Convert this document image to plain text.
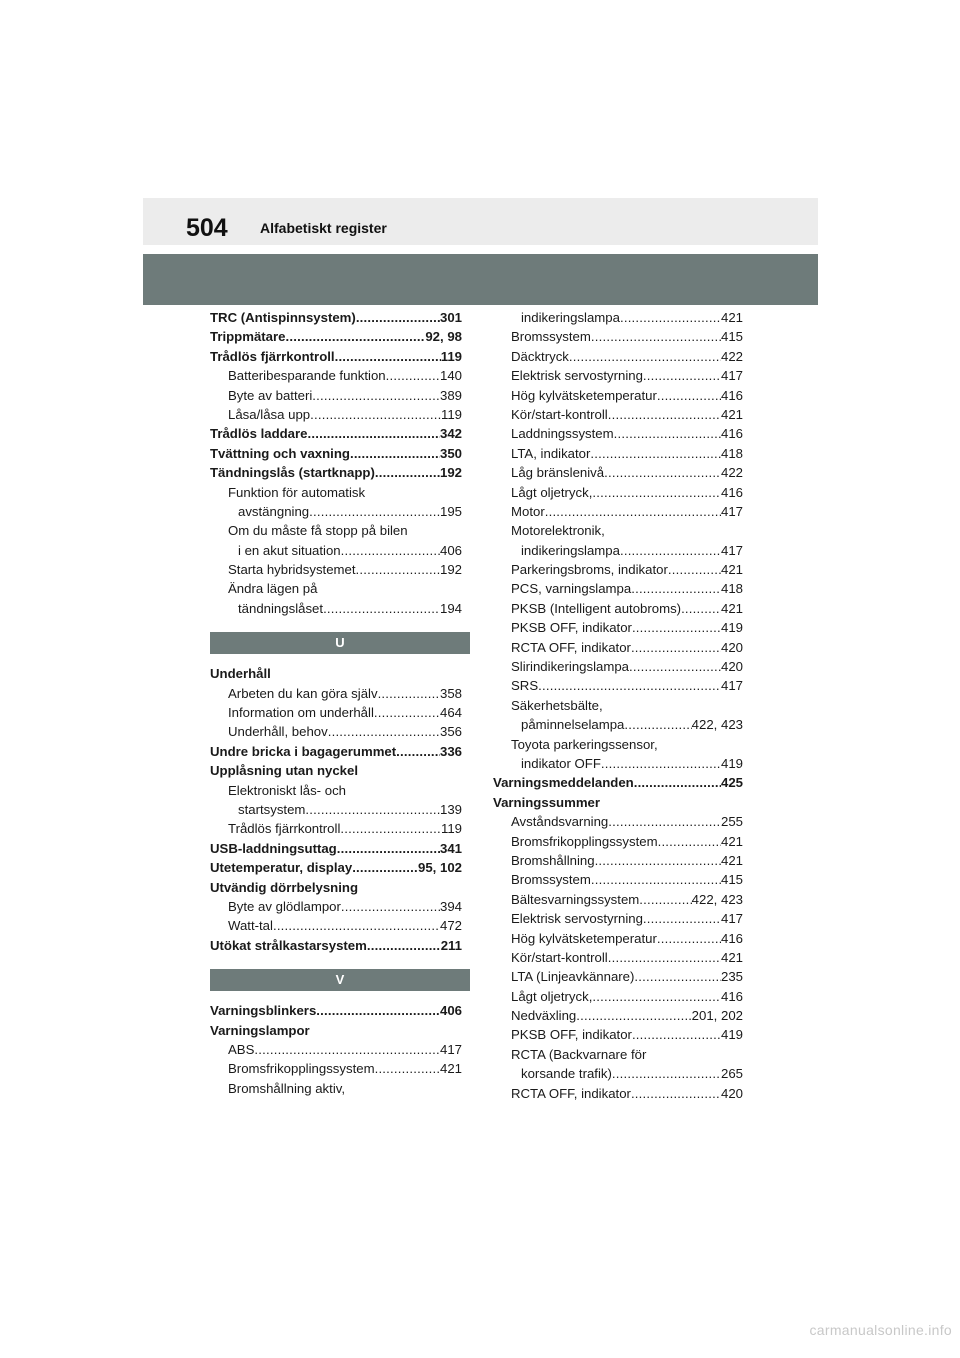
504 Alfabetiskt register
TRC (Antispinnsystem) .....	301
Trippmätare .....	92, 98
Trådlös fjärrkontroll .....	119
Batteribesparande funktion .....	140
Byte av batteri .....	389
Låsa/låsa upp .....	119
Trådlös laddare .....	342
Tvättning och vaxning .....	350
Tändningslås (startknapp) .....	192
Funktion för automatisk
avstängning .....	195
Om du måste få stopp på bilen
i en akut situation .....	406
Starta hybridsystemet .....	192
Ändra lägen på
tändningslåset .....	194
U
Underhåll
Arbeten du kan göra själv .....	358
Information om underhåll .....	464
Underhåll, behov .....	356
Undre bricka i bagagerummet .....	336
Upplåsning utan nyckel
Elektroniskt lås- och
startsystem .....	139
Trådlös fjärrkontroll .....	119
USB-laddningsuttag .....	341
Utetemperatur, display .....	95, 102
Utvändig dörrbelysning
Byte av glödlampor .....	394
Watt-tal .....	472
Utökat strålkastarsystem .....	211
V
Varningsblinkers .....	406
Varningslampor
ABS .....	417
Bromsfrikopplingssystem .....	421
Bromshållning aktiv,
indikeringslampa .....	421
Bromssystem .....	415
Däcktryck .....	422
Elektrisk servostyrning .....	417
Hög kylvätsketemperatur .....	416
Kör/start-kontroll .....	421
Laddningssystem .....	416
LTA, indikator .....	418
Låg bränslenivå .....	422
Lågt oljetryck, .....	416
Motor .....	417
Motorelektronik,
indikeringslampa .....	417
Parkeringsbroms, indikator .....	421
PCS, varningslampa .....	418
PKSB (Intelligent autobroms) .....	421
PKSB OFF, indikator .....	419
RCTA OFF, indikator .....	420
Slirindikeringslampa .....	420
SRS .....	417
Säkerhetsbälte,
påminnelselampa .....	422, 423
Toyota parkeringssensor,
indikator OFF .....	419
Varningsmeddelanden .....	425
Varningssummer
Avståndsvarning .....	255
Bromsfrikopplingssystem .....	421
Bromshållning .....	421
Bromssystem .....	415
Bältesvarningssystem .....	422, 423
Elektrisk servostyrning .....	417
Hög kylvätsketemperatur .....	416
Kör/start-kontroll .....	421
LTA (Linjeavkännare) .....	235
Lågt oljetryck, .....	416
Nedväxling .....	201, 202
PKSB OFF, indikator .....	419
RCTA (Backvarnare för
korsande trafik) .....	265
RCTA OFF, indikator .....	420
carmanualsonline.info
